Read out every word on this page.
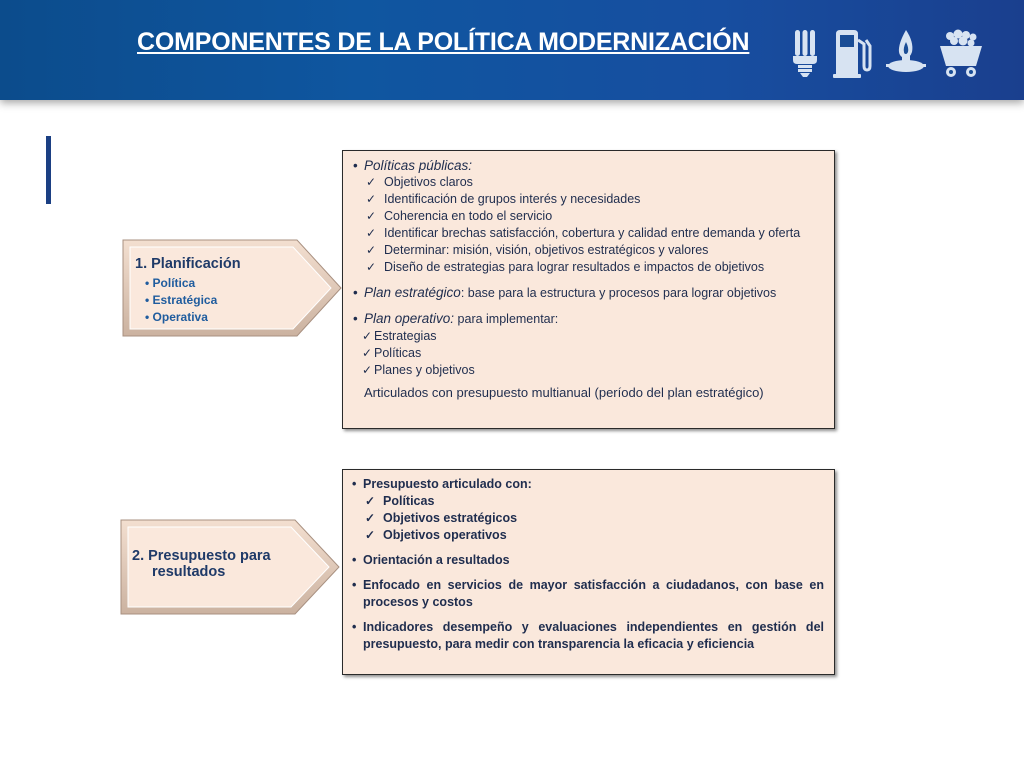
COMPONENTES DE LA POLÍTICA MODERNIZACIÓN
1. Planificación
• Política
• Estratégica
• Operativa
2. Presupuesto para
resultados
• Políticas públicas:
✓ Objetivos claros
✓ Identificación de grupos interés y necesidades
✓ Coherencia en todo el servicio
✓ Identificar brechas satisfacción, cobertura y calidad entre demanda y oferta
✓ Determinar: misión, visión, objetivos estratégicos y valores
✓ Diseño de estrategias para lograr resultados e impactos de objetivos
• Plan estratégico: base para la estructura y procesos para lograr objetivos
• Plan operativo: para implementar:
✓ Estrategias
✓ Políticas
✓ Planes y objetivos
Articulados con presupuesto multianual (período del plan estratégico)
• Presupuesto articulado con:
✓ Políticas
✓ Objetivos estratégicos
✓ Objetivos operativos
• Orientación a resultados
• Enfocado en servicios de mayor satisfacción a ciudadanos, con base en procesos y costos
• Indicadores desempeño y evaluaciones independientes en gestión del presupuesto, para medir con transparencia la eficacia y eficiencia
